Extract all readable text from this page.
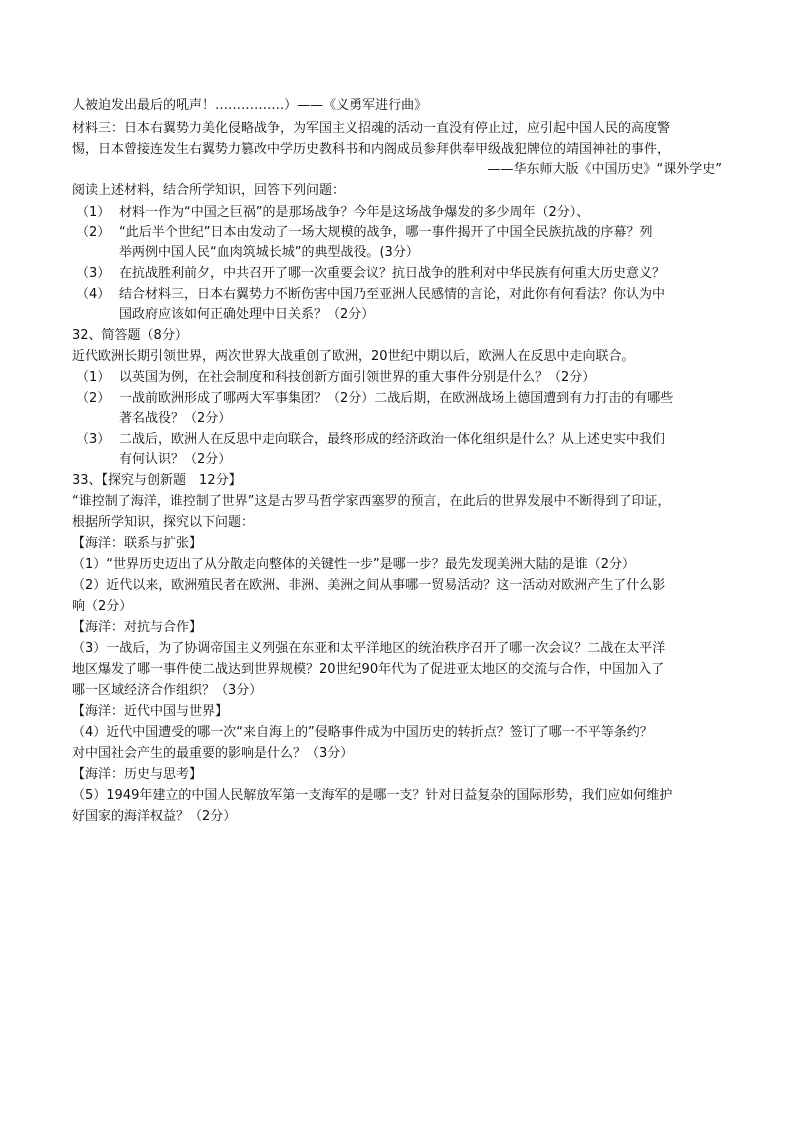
人被迫发出最后的吼声！…………….）——《义勇军进行曲》
材料三：日本右翼势力美化侵略战争，为军国主义招魂的活动一直没有停止过，应引起中国人民的高度警
惕，日本曾接连发生右翼势力篡改中学历史教科书和内阁成员参拜供奉甲级战犯牌位的靖国神社的事件，
——华东师大版《中国历史》“课外学史”
阅读上述材料，结合所学知识，回答下列问题：
（1） 材料一作为“中国之巨祸”的是那场战争？今年是这场战争爆发的多少周年（2分）、
（2） “此后半个世纪”日本由发动了一场大规模的战争，哪一事件揭开了中国全民族抗战的序幕？列
举两例中国人民“血肉筑城长城”的典型战役。(3分）
（3） 在抗战胜利前夕，中共召开了哪一次重要会议？抗日战争的胜利对中华民族有何重大历史意义？
（4） 结合材料三，日本右翼势力不断伤害中国乃至亚洲人民感情的言论，对此你有何看法？你认为中
国政府应该如何正确处理中日关系？（2分）
32、简答题（8分）
近代欧洲长期引领世界，两次世界大战重创了欧洲，20世纪中期以后，欧洲人在反思中走向联合。
（1） 以英国为例，在社会制度和科技创新方面引领世界的重大事件分别是什么？（2分）
（2） 一战前欧洲形成了哪两大军事集团？（2分）二战后期，在欧洲战场上德国遭到有力打击的有哪些
著名战役？（2分）
（3） 二战后，欧洲人在反思中走向联合，最终形成的经济政治一体化组织是什么？从上述史实中我们
有何认识？（2分）
33、【探究与创新题　12分】
“谁控制了海洋，谁控制了世界”这是古罗马哲学家西塞罗的预言，在此后的世界发展中不断得到了印证，
根据所学知识，探究以下问题：
【海洋：联系与扩张】
（1）“世界历史迈出了从分散走向整体的关键性一步”是哪一步？最先发现美洲大陆的是谁（2分）
（2）近代以来，欧洲殖民者在欧洲、非洲、美洲之间从事哪一贸易活动？这一活动对欧洲产生了什么影
响（2分）
【海洋：对抗与合作】
（3）一战后，为了协调帝国主义列强在东亚和太平洋地区的统治秩序召开了哪一次会议？二战在太平洋
地区爆发了哪一事件使二战达到世界规模？20世纪90年代为了促进亚太地区的交流与合作，中国加入了
哪一区域经济合作组织？（3分）
【海洋：近代中国与世界】
（4）近代中国遭受的哪一次“来自海上的”侵略事件成为中国历史的转折点？签订了哪一不平等条约？
对中国社会产生的最重要的影响是什么？（3分）
【海洋：历史与思考】
（5）1949年建立的中国人民解放军第一支海军的是哪一支？针对日益复杂的国际形势，我们应如何维护
好国家的海洋权益？（2分）
